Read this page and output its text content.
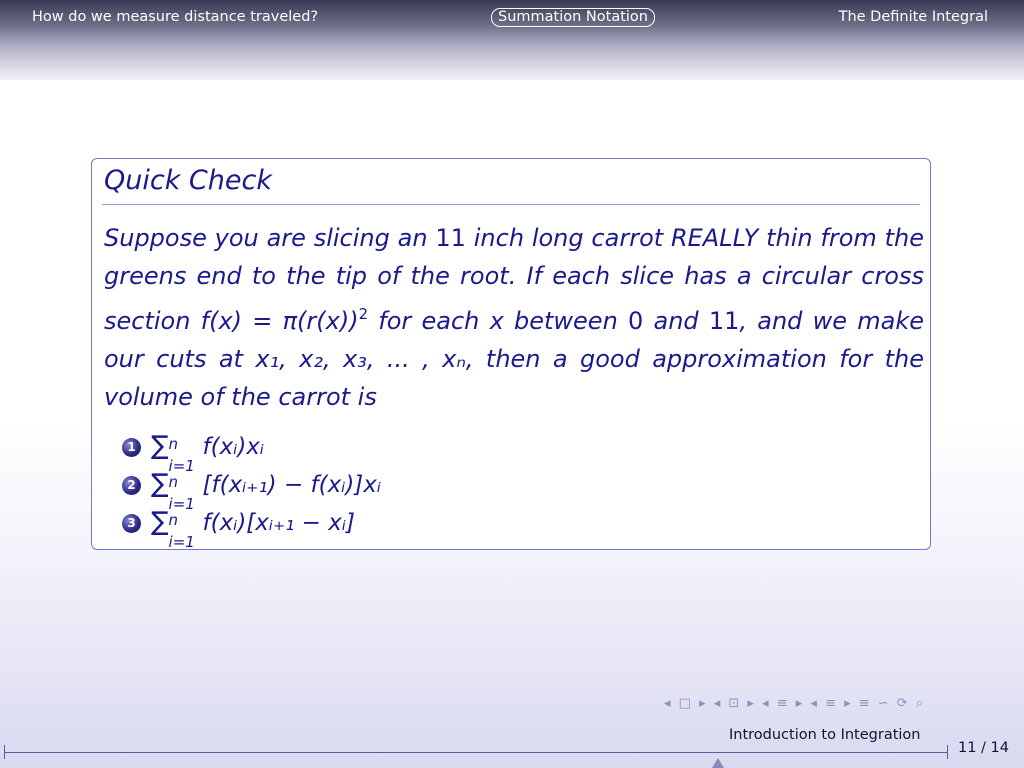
How do we measure distance traveled?	Summation Notation	The Definite Integral
Quick Check
Suppose you are slicing an 11 inch long carrot REALLY thin from the greens end to the tip of the root. If each slice has a circular cross section $f(x) = \pi(r(x))^2$ for each x between 0 and 11, and we make our cuts at x₁, x₂, x₃, ... , xₙ, then a good approximation for the volume of the carrot is
1 ∑ n
i=1
f(xᵢ)xᵢ
2 ∑ n
i=1
[f(xᵢ₊₁) − f(xᵢ)]xᵢ
3 ∑ n
i=1
f(xᵢ)[xᵢ₊₁ − xᵢ]
◂ □ ▸ ◂ ⊡ ▸ ◂ ≡ ▸ ◂ ≡ ▸ ≡ ∽ ⟳ ⌕
Introduction to Integration
11 / 14
